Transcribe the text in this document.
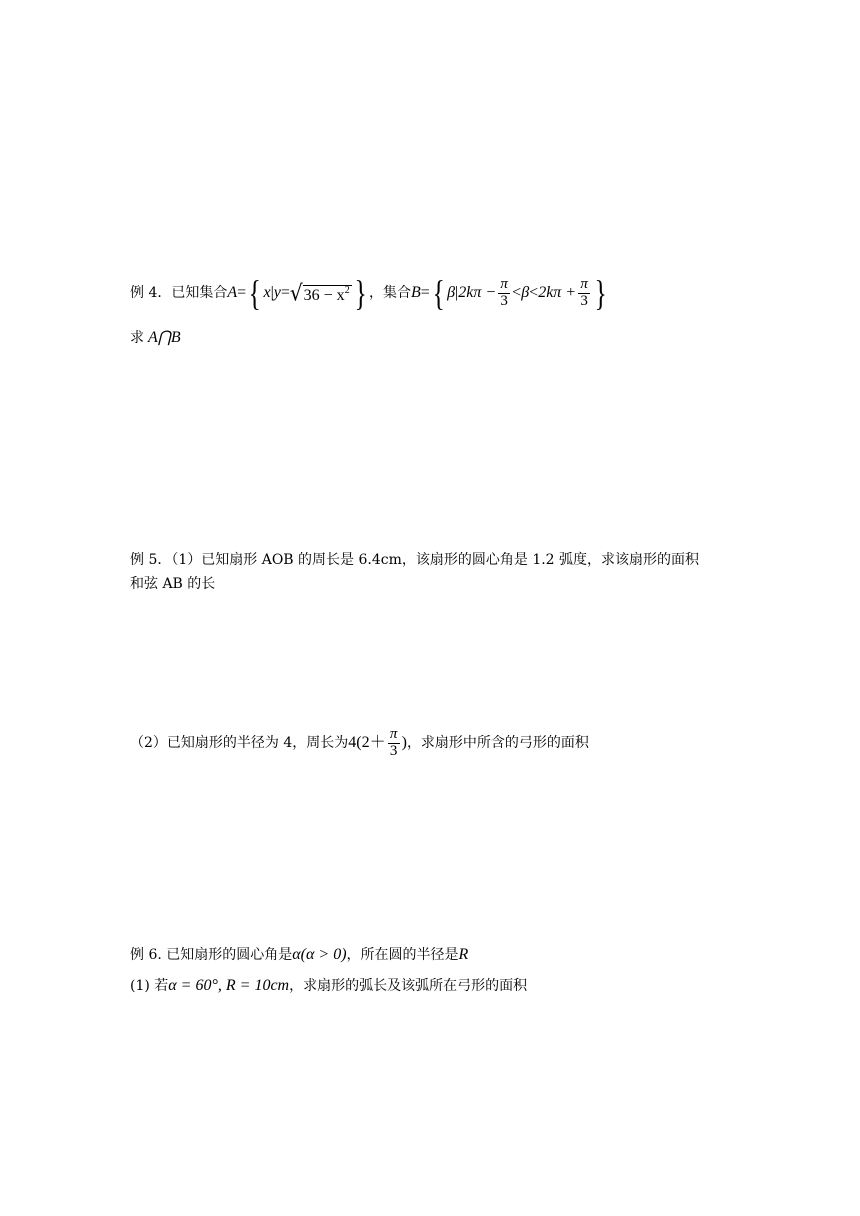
例 4．已知集合 A = { x | y = √ $36 - x^2$ } ，集合 B = { β | $2k\pi - \frac{\pi}{3} < \beta < 2k\pi + \frac{\pi}{3}$ }
求 A⋂B
例 5．（1）已知扇形 AOB 的周长是 6.4cm，该扇形的圆心角是 1.2 弧度，求该扇形的面积
和弦 AB 的长
（2）已知扇形的半径为 4，周长为 $4(2+ \frac{\pi}{3}$ ) ，求扇形中所含的弓形的面积
例 6. 已知扇形的圆心角是 α(α > 0) ，所在圆的半径是 R
(1) 若 α = 60°, R = 10cm ，求扇形的弧长及该弧所在弓形的面积
